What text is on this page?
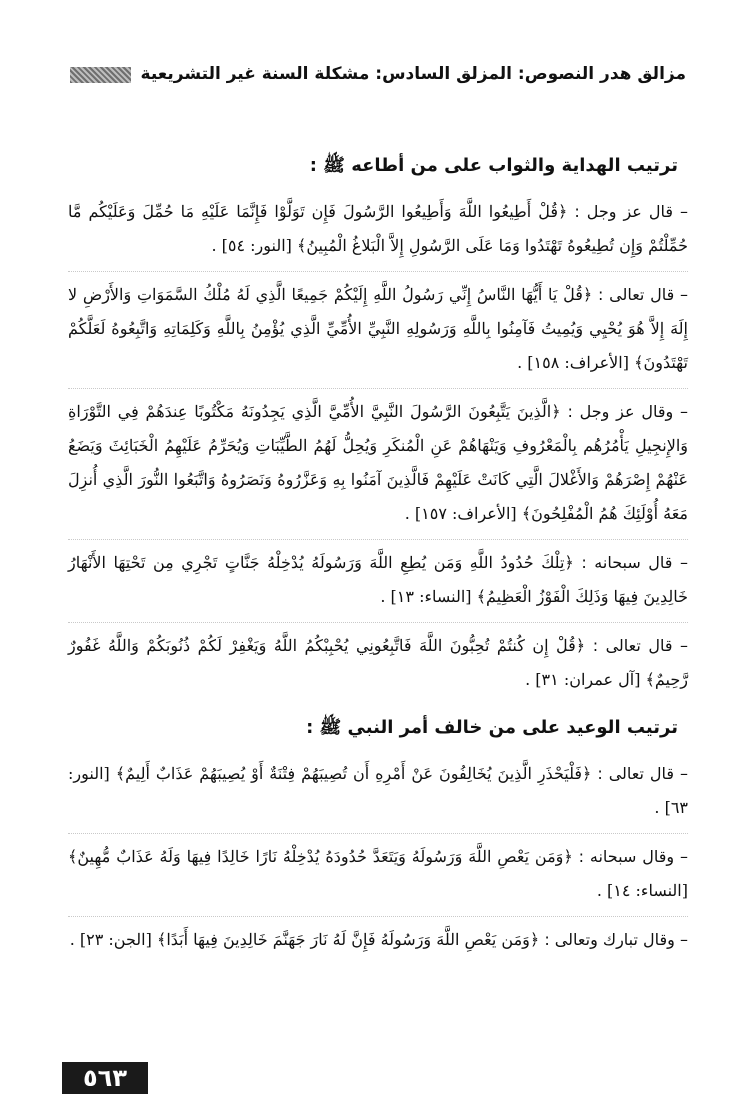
مزالق هدر النصوص: المزلق السادس: مشكلة السنة غير التشريعية
ترتيب الهداية والثواب على من أطاعه ﷺ :

– قال عز وجل : ﴿قُلْ أَطِيعُوا اللَّهَ وَأَطِيعُوا الرَّسُولَ فَإِن تَوَلَّوْا فَإِنَّمَا عَلَيْهِ مَا حُمِّلَ وَعَلَيْكُم مَّا حُمِّلْتُمْ وَإِن تُطِيعُوهُ تَهْتَدُوا وَمَا عَلَى الرَّسُولِ إِلاَّ الْبَلاغُ الْمُبِينُ﴾ [النور: ٥٤] .

– قال تعالى : ﴿قُلْ يَا أَيُّهَا النَّاسُ إِنِّي رَسُولُ اللَّهِ إِلَيْكُمْ جَمِيعًا الَّذِي لَهُ مُلْكُ السَّمَوَاتِ وَالأَرْضِ لا إِلَهَ إِلاَّ هُوَ يُحْيِي وَيُمِيتُ فَآمِنُوا بِاللَّهِ وَرَسُولِهِ النَّبِيِّ الأُمِّيِّ الَّذِي يُؤْمِنُ بِاللَّهِ وَكَلِمَاتِهِ وَاتَّبِعُوهُ لَعَلَّكُمْ تَهْتَدُونَ﴾ [الأعراف: ١٥٨] .

– وقال عز وجل : ﴿الَّذِينَ يَتَّبِعُونَ الرَّسُولَ النَّبِيَّ الأُمِّيَّ الَّذِي يَجِدُونَهُ مَكْتُوبًا عِندَهُمْ فِي التَّوْرَاةِ وَالإِنجِيلِ يَأْمُرُهُم بِالْمَعْرُوفِ وَيَنْهَاهُمْ عَنِ الْمُنكَرِ وَيُحِلُّ لَهُمُ الطَّيِّبَاتِ وَيُحَرِّمُ عَلَيْهِمُ الْخَبَائِثَ وَيَضَعُ عَنْهُمْ إِصْرَهُمْ وَالأَغْلالَ الَّتِي كَانَتْ عَلَيْهِمْ فَالَّذِينَ آمَنُوا بِهِ وَعَزَّرُوهُ وَنَصَرُوهُ وَاتَّبَعُوا النُّورَ الَّذِي أُنزِلَ مَعَهُ أُوْلَئِكَ هُمُ الْمُفْلِحُونَ﴾ [الأعراف: ١٥٧] .

– قال سبحانه : ﴿تِلْكَ حُدُودُ اللَّهِ وَمَن يُطِعِ اللَّهَ وَرَسُولَهُ يُدْخِلْهُ جَنَّاتٍ تَجْرِي مِن تَحْتِهَا الأَنْهَارُ خَالِدِينَ فِيهَا وَذَلِكَ الْفَوْزُ الْعَظِيمُ﴾ [النساء: ١٣] .

– قال تعالى : ﴿قُلْ إِن كُنتُمْ تُحِبُّونَ اللَّهَ فَاتَّبِعُونِي يُحْبِبْكُمُ اللَّهُ وَيَغْفِرْ لَكُمْ ذُنُوبَكُمْ وَاللَّهُ غَفُورٌ رَّحِيمٌ﴾ [آل عمران: ٣١] .

ترتيب الوعيد على من خالف أمر النبي ﷺ :

– قال تعالى : ﴿فَلْيَحْذَرِ الَّذِينَ يُخَالِفُونَ عَنْ أَمْرِهِ أَن تُصِيبَهُمْ فِتْنَةٌ أَوْ يُصِيبَهُمْ عَذَابٌ أَلِيمٌ﴾ [النور: ٦٣] .

– وقال سبحانه : ﴿وَمَن يَعْصِ اللَّهَ وَرَسُولَهُ وَيَتَعَدَّ حُدُودَهُ يُدْخِلْهُ نَارًا خَالِدًا فِيهَا وَلَهُ عَذَابٌ مُّهِينٌ﴾ [النساء: ١٤] .

– وقال تبارك وتعالى : ﴿وَمَن يَعْصِ اللَّهَ وَرَسُولَهُ فَإِنَّ لَهُ نَارَ جَهَنَّمَ خَالِدِينَ فِيهَا أَبَدًا﴾ [الجن: ٢٣] .

٥٦٣
